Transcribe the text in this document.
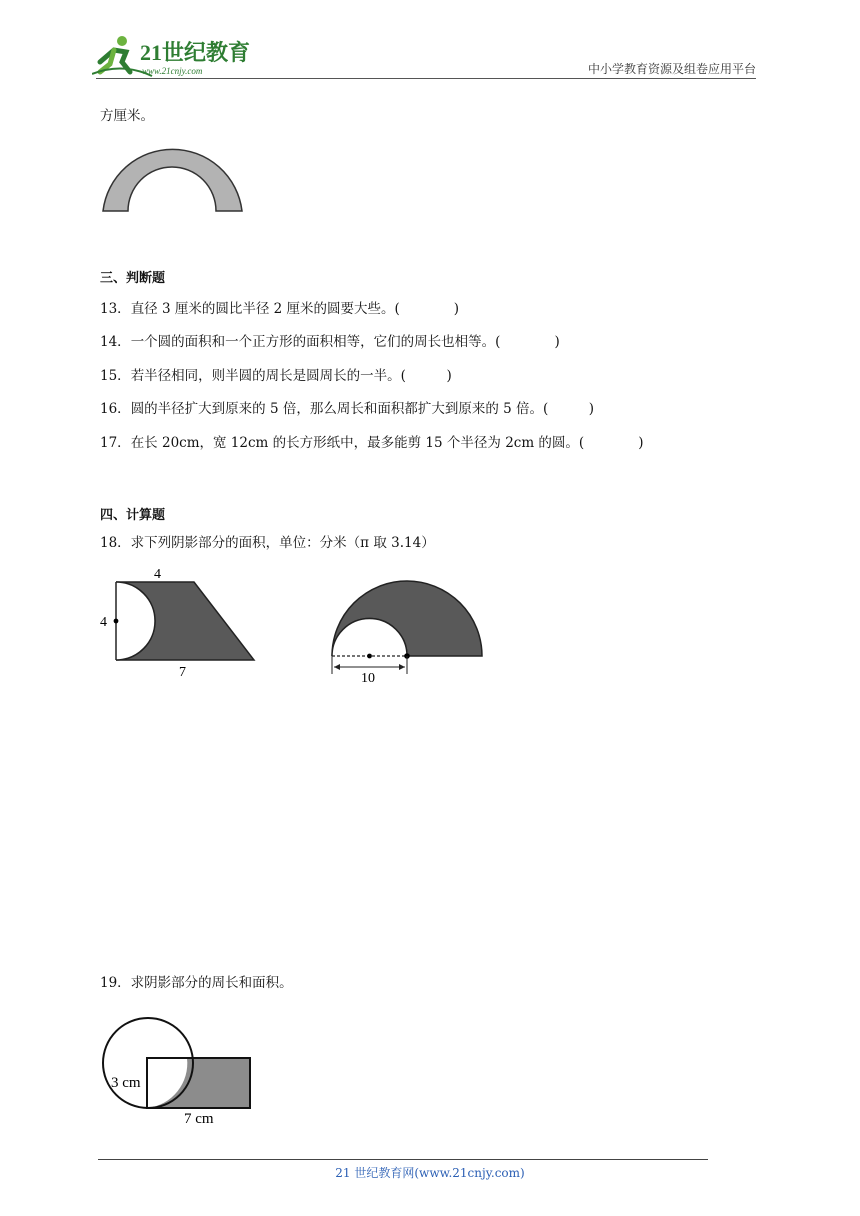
21世纪教育
www.21cnjy.com	中小学教育资源及组卷应用平台
方厘米。
三、判断题
13．直径 3 厘米的圆比半径 2 厘米的圆要大些。(　　　　)
14．一个圆的面积和一个正方形的面积相等，它们的周长也相等。(　　　　)
15．若半径相同，则半圆的周长是圆周长的一半。(　　　)
16．圆的半径扩大到原来的 5 倍，那么周长和面积都扩大到原来的 5 倍。(　　　)
17．在长 20cm，宽 12cm 的长方形纸中，最多能剪 15 个半径为 2cm 的圆。(　　　　)
四、计算题
18．求下列阴影部分的面积，单位：分米（π 取 3.14）
4
4
7	10
19．求阴影部分的周长和面积。
3 cm
7 cm
21 世纪教育网(www.21cnjy.com)
